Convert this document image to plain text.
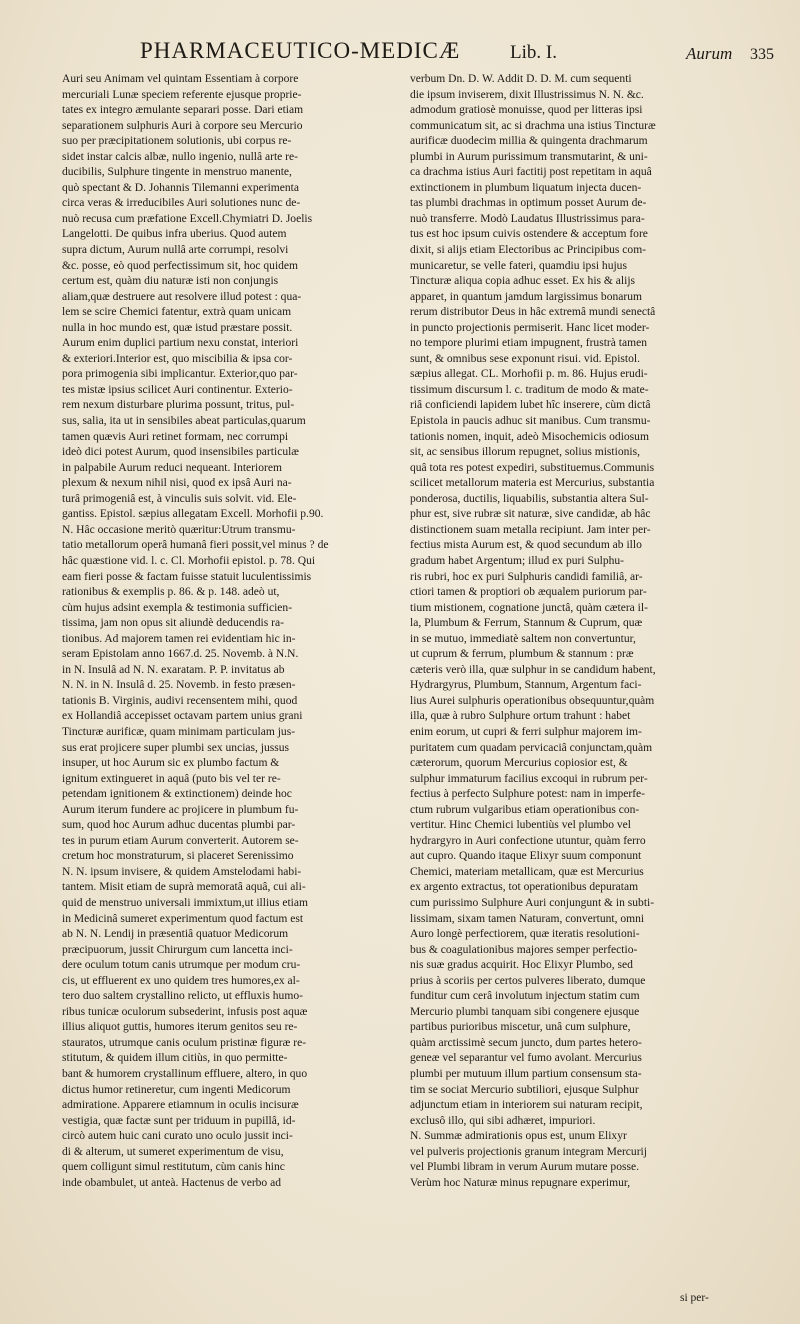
PHARMACEUTICO-MEDICÆ	Lib. I.	Aurum 335
Auri seu Animam vel quintam Essentiam à corpore
mercuriali Lunæ speciem referente ejusque proprie-
tates ex integro æmulante separari posse. Dari etiam
separationem sulphuris Auri à corpore seu Mercurio
suo per præcipitationem solutionis, ubi corpus re-
sidet instar calcis albæ, nullo ingenio, nullâ arte re-
ducibilis, Sulphure tingente in menstruo manente,
quò spectant & D. Johannis Tilemanni experimenta
circa veras & irreducibiles Auri solutiones nunc de-
nuò recusa cum præfatione Excell.Chymiatri D. Joelis
Langelotti. De quibus infra uberius. Quod autem
supra dictum, Aurum nullâ arte corrumpi, resolvi
&c. posse, eò quod perfectissimum sit, hoc quidem
certum est, quàm diu naturæ isti non conjungis
aliam,quæ destruere aut resolvere illud potest : qua-
lem se scire Chemici fatentur, extrà quam unicam
nulla in hoc mundo est, quæ istud præstare possit.
Aurum enim duplici partium nexu constat, interiori
& exteriori.Interior est, quo miscibilia & ipsa cor-
pora primogenia sibi implicantur. Exterior,quo par-
tes mistæ ipsius scilicet Auri continentur. Exterio-
rem nexum disturbare plurima possunt, tritus, pul-
sus, salia, ita ut in sensibiles abeat particulas,quarum
tamen quævis Auri retinet formam, nec corrumpi
ideò dici potest Aurum, quod insensibiles particulæ
in palpabile Aurum reduci nequeant. Interiorem
plexum & nexum nihil nisi, quod ex ipsâ Auri na-
turâ primogeniâ est, à vinculis suis solvit. vid. Ele-
gantiss. Epistol. sæpius allegatam Excell. Morhofii p.90.
N. Hâc occasione meritò quæritur:Utrum transmu-
tatio metallorum operâ humanâ fieri possit,vel minus ? de
hâc quæstione vid. l. c. Cl. Morhofii epistol. p. 78. Qui
eam fieri posse & factam fuisse statuit luculentissimis
rationibus & exemplis p. 86. & p. 148. adeò ut,
cùm hujus adsint exempla & testimonia sufficien-
tissima, jam non opus sit aliundè deducendis ra-
tionibus. Ad majorem tamen rei evidentiam hic in-
seram Epistolam anno 1667.d. 25. Novemb. à N.N.
in N. Insulâ ad N. N. exaratam. P. P. invitatus ab
N. N. in N. Insulâ d. 25. Novemb. in festo præsen-
tationis B. Virginis, audivi recensentem mihi, quod
ex Hollandiâ accepisset octavam partem unius grani
Tincturæ aurificæ, quam minimam particulam jus-
sus erat projicere super plumbi sex uncias, jussus
insuper, ut hoc Aurum sic ex plumbo factum &
ignitum extingueret in aquâ (puto bis vel ter re-
petendam ignitionem & extinctionem) deinde hoc
Aurum iterum fundere ac projicere in plumbum fu-
sum, quod hoc Aurum adhuc ducentas plumbi par-
tes in purum etiam Aurum converterit. Autorem se-
cretum hoc monstraturum, si placeret Serenissimo
N. N. ipsum invisere, & quidem Amstelodami habi-
tantem. Misit etiam de suprà memoratâ aquâ, cui ali-
quid de menstruo universali immixtum,ut illius etiam
in Medicinâ sumeret experimentum quod factum est
ab N. N. Lendij in præsentiâ quatuor Medicorum
præcipuorum, jussit Chirurgum cum lancetta inci-
dere oculum totum canis utrumque per modum cru-
cis, ut effluerent ex uno quidem tres humores,ex al-
tero duo saltem crystallino relicto, ut effluxis humo-
ribus tunicæ oculorum subsederint, infusis post aquæ
illius aliquot guttis, humores iterum genitos seu re-
stauratos, utrumque canis oculum pristinæ figuræ re-
stitutum, & quidem illum citiùs, in quo permitte-
bant & humorem crystallinum effluere, altero, in quo
dictus humor retineretur, cum ingenti Medicorum
admiratione. Apparere etiamnum in oculis incisuræ
vestigia, quæ factæ sunt per triduum in pupillâ, id-
circò autem huic cani curato uno oculo jussit inci-
di & alterum, ut sumeret experimentum de visu,
quem colligunt simul restitutum, cùm canis hinc
inde obambulet, ut anteà. Hactenus de verbo ad
verbum Dn. D. W. Addit D. D. M. cum sequenti
die ipsum inviserem, dixit Illustrissimus N. N. &c.
admodum gratiosè monuisse, quod per litteras ipsi
communicatum sit, ac si drachma una istius Tincturæ
aurificæ duodecim millia & quingenta drachmarum
plumbi in Aurum purissimum transmutarint, & uni-
ca drachma istius Auri factitij post repetitam in aquâ
extinctionem in plumbum liquatum injecta ducen-
tas plumbi drachmas in optimum posset Aurum de-
nuò transferre. Modò Laudatus Illustrissimus para-
tus est hoc ipsum cuivis ostendere & acceptum fore
dixit, si alijs etiam Electoribus ac Principibus com-
municaretur, se velle fateri, quamdiu ipsi hujus
Tincturæ aliqua copia adhuc esset. Ex his & alijs
apparet, in quantum jamdum largissimus bonarum
rerum distributor Deus in hâc extremâ mundi senectâ
in puncto projectionis permiserit. Hanc licet moder-
no tempore plurimi etiam impugnent, frustrà tamen
sunt, & omnibus sese exponunt risui. vid. Epistol.
sæpius allegat. CL. Morhofii p. m. 86. Hujus erudi-
tissimum discursum l. c. traditum de modo & mate-
riâ conficiendi lapidem lubet hîc inserere, cùm dictâ
Epistola in paucis adhuc sit manibus. Cum transmu-
tationis nomen, inquit, adeò Misochemicis odiosum
sit, ac sensibus illorum repugnet, solius mistionis,
quâ tota res potest expediri, substituemus.Communis
scilicet metallorum materia est Mercurius, substantia
ponderosa, ductilis, liquabilis, substantia altera Sul-
phur est, sive rubræ sit naturæ, sive candidæ, ab hâc
distinctionem suam metalla recipiunt. Jam inter per-
fectius mista Aurum est, & quod secundum ab illo
gradum habet Argentum; illud ex puri Sulphu-
ris rubri, hoc ex puri Sulphuris candidi familiâ, ar-
ctiori tamen & proptiori ob æqualem puriorum par-
tium mistionem, cognatione junctâ, quàm cætera il-
la, Plumbum & Ferrum, Stannum & Cuprum, quæ
in se mutuo, immediatè saltem non convertuntur,
ut cuprum & ferrum, plumbum & stannum : præ
cæteris verò illa, quæ sulphur in se candidum habent,
Hydrargyrus, Plumbum, Stannum, Argentum faci-
lius Aurei sulphuris operationibus obsequuntur,quàm
illa, quæ à rubro Sulphure ortum trahunt : habet
enim eorum, ut cupri & ferri sulphur majorem im-
puritatem cum quadam pervicaciâ conjunctam,quàm
cæterorum, quorum Mercurius copiosior est, &
sulphur immaturum facilius excoqui in rubrum per-
fectius à perfecto Sulphure potest: nam in imperfe-
ctum rubrum vulgaribus etiam operationibus con-
vertitur. Hinc Chemici lubentiùs vel plumbo vel
hydrargyro in Auri confectione utuntur, quàm ferro
aut cupro. Quando itaque Elixyr suum componunt
Chemici, materiam metallicam, quæ est Mercurius
ex argento extractus, tot operationibus depuratam
cum purissimo Sulphure Auri conjungunt & in subti-
lissimam, sixam tamen Naturam, convertunt, omni
Auro longè perfectiorem, quæ iteratis resolutioni-
bus & coagulationibus majores semper perfectio-
nis suæ gradus acquirit. Hoc Elixyr Plumbo, sed
prius à scoriis per certos pulveres liberato, dumque
funditur cum cerâ involutum injectum statim cum
Mercurio plumbi tanquam sibi congenere ejusque
partibus purioribus miscetur, unâ cum sulphure,
quàm arctissimè secum juncto, dum partes hetero-
geneæ vel separantur vel fumo avolant. Mercurius
plumbi per mutuum illum partium consensum sta-
tim se sociat Mercurio subtiliori, ejusque Sulphur
adjunctum etiam in interiorem sui naturam recipit,
exclusô illo, qui sibi adhæret, impuriori.
N. Summæ admirationis opus est, unum Elixyr
vel pulveris projectionis granum integram Mercurij
vel Plumbi libram in verum Aurum mutare posse.
Verùm hoc Naturæ minus repugnare experimur,
si per-
